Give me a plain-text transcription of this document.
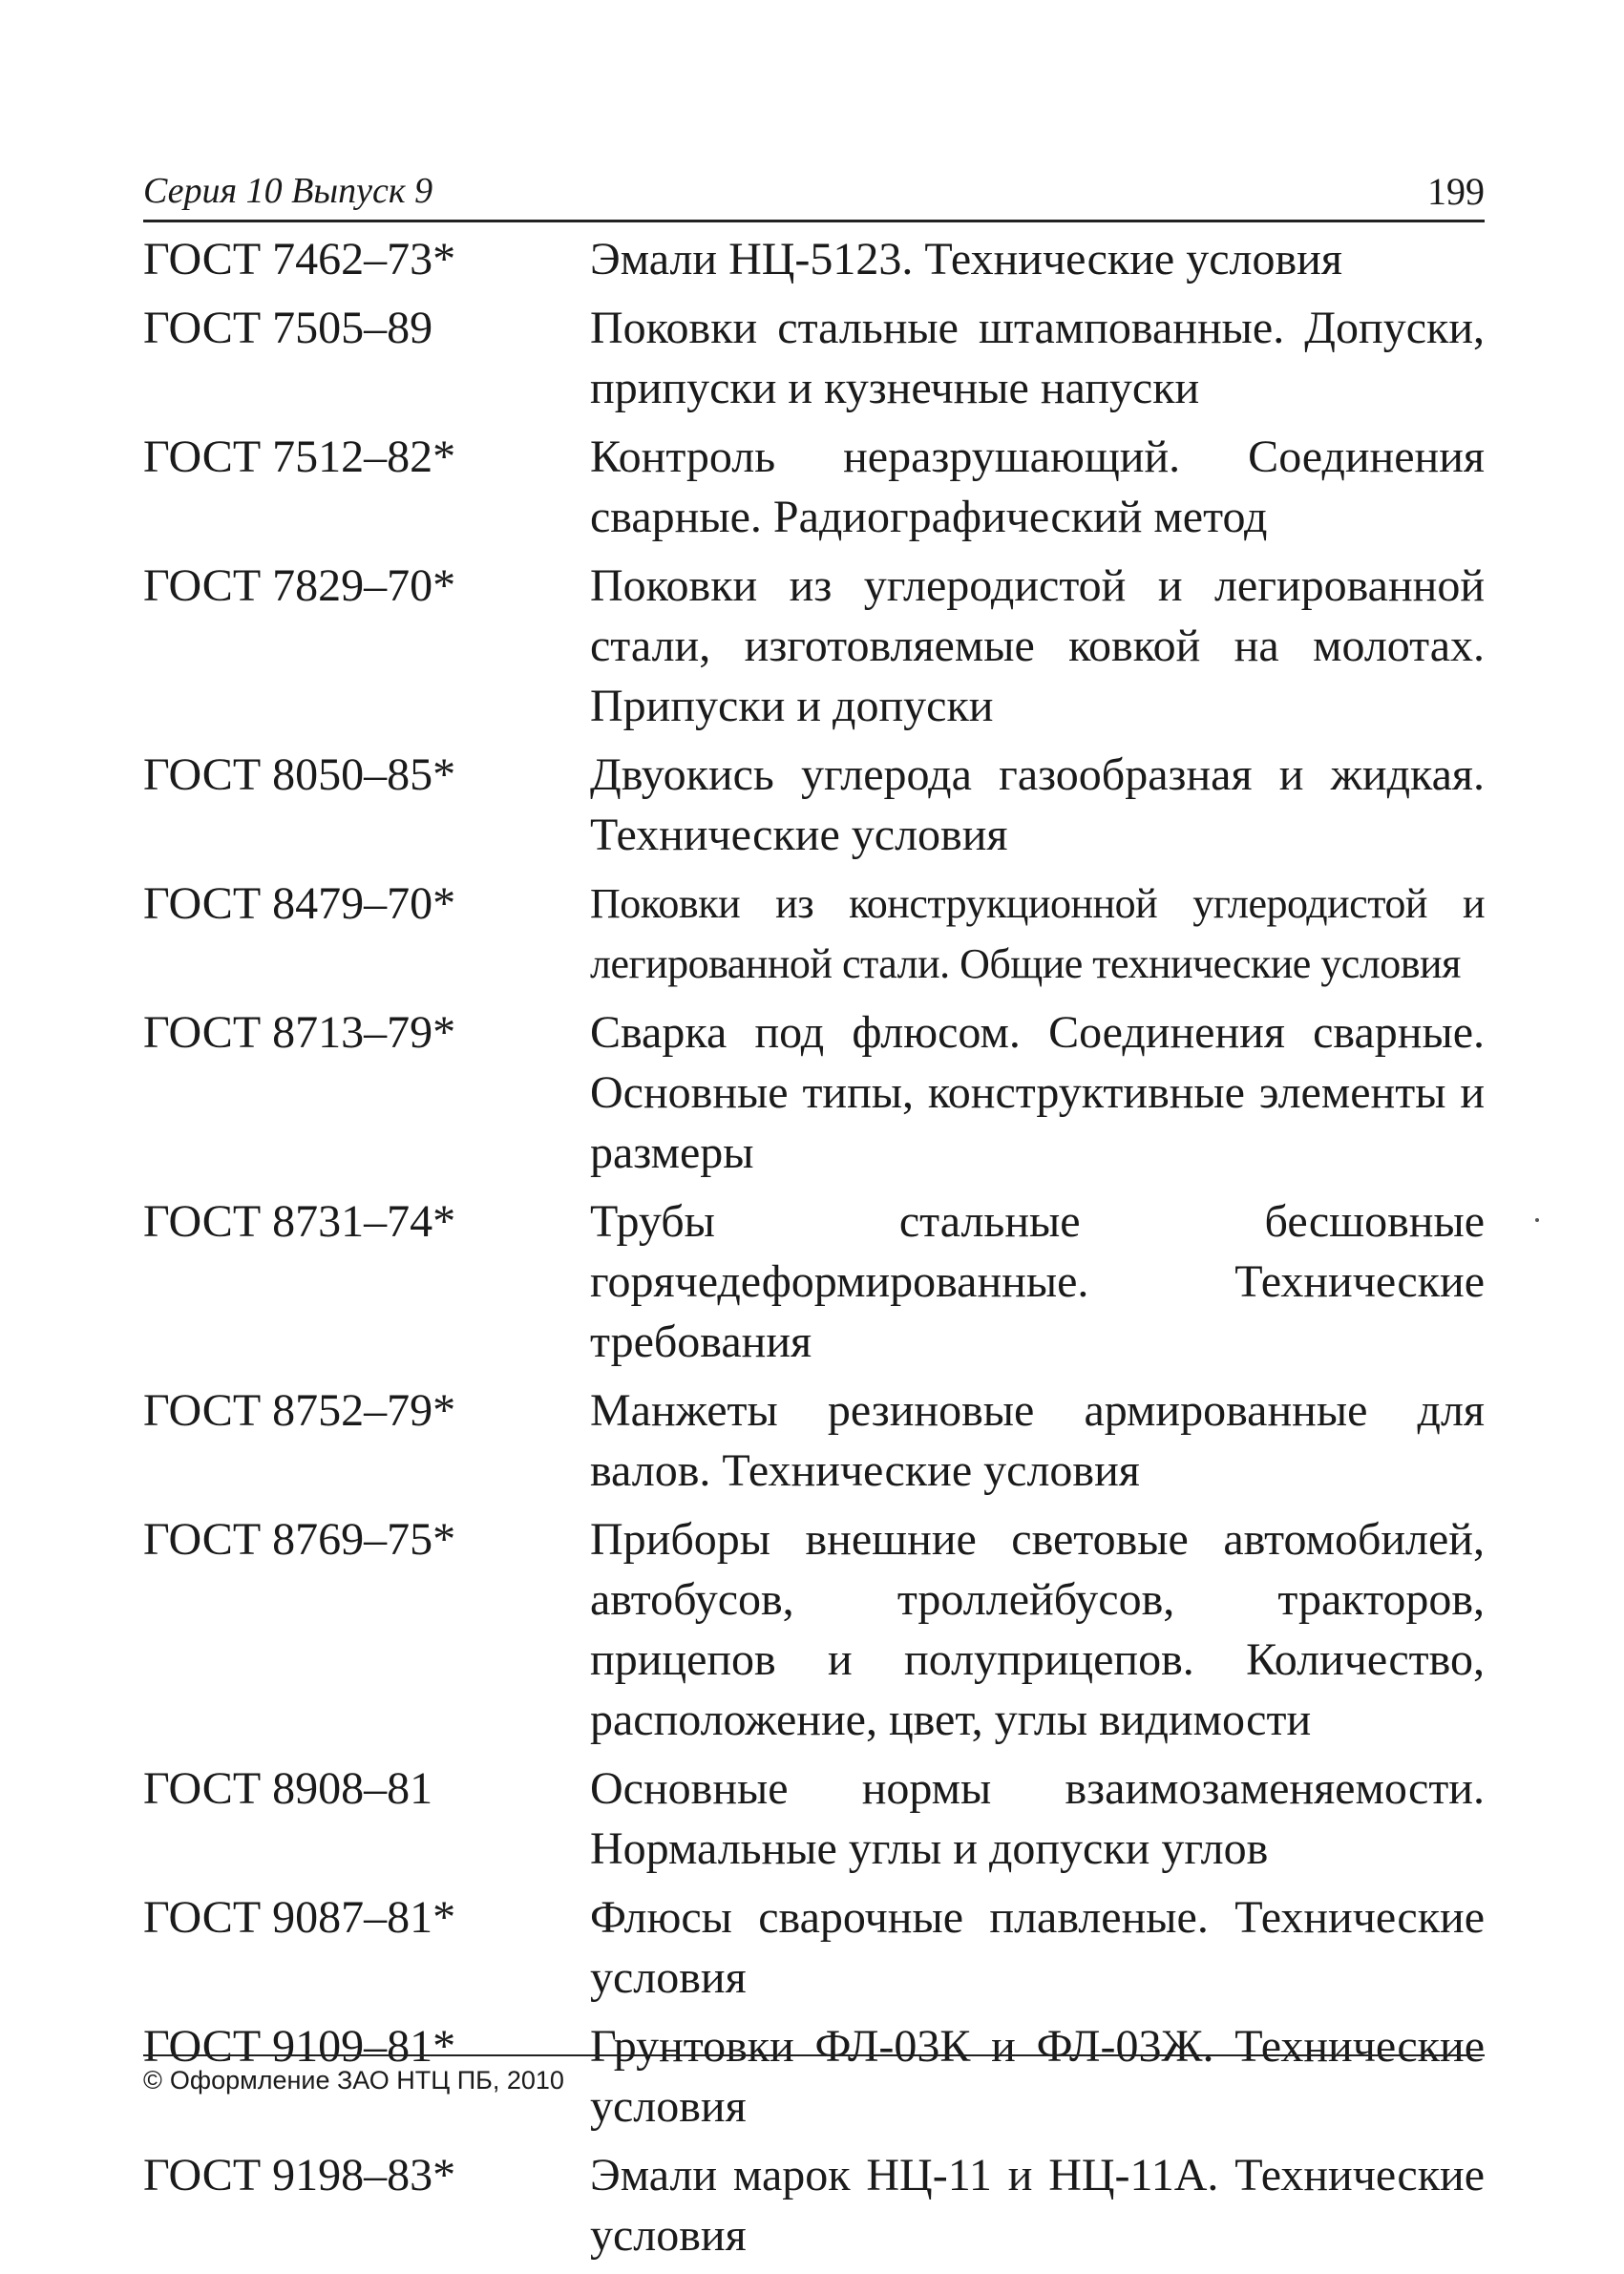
Серия 10 Выпуск 9	199
ГОСТ 7462–73*	Эмали НЦ-5123. Технические условия
ГОСТ 7505–89	Поковки стальные штампованные. Допуски, припуски и кузнечные напуски
ГОСТ 7512–82*	Контроль неразрушающий. Соединения сварные. Радиографический метод
ГОСТ 7829–70*	Поковки из углеродистой и легированной стали, изготовляемые ковкой на молотах. Припуски и допуски
ГОСТ 8050–85*	Двуокись углерода газообразная и жидкая. Технические условия
ГОСТ 8479–70*	Поковки из конструкционной углеродистой и легированной стали. Общие технические условия
ГОСТ 8713–79*	Сварка под флюсом. Соединения сварные. Основные типы, конструктивные элементы и размеры
ГОСТ 8731–74*	Трубы стальные бесшовные горячедеформированные. Технические требования
ГОСТ 8752–79*	Манжеты резиновые армированные для валов. Технические условия
ГОСТ 8769–75*	Приборы внешние световые автомобилей, автобусов, троллейбусов, тракторов, прицепов и полуприцепов. Количество, расположение, цвет, углы видимости
ГОСТ 8908–81	Основные нормы взаимозаменяемости. Нормальные углы и допуски углов
ГОСТ 9087–81*	Флюсы сварочные плавленые. Технические условия
ГОСТ 9109–81*	Грунтовки ФЛ-03К и ФЛ-03Ж. Технические условия
ГОСТ 9198–83*	Эмали марок НЦ-11 и НЦ-11А. Технические условия
© Оформление ЗАО НТЦ ПБ, 2010
